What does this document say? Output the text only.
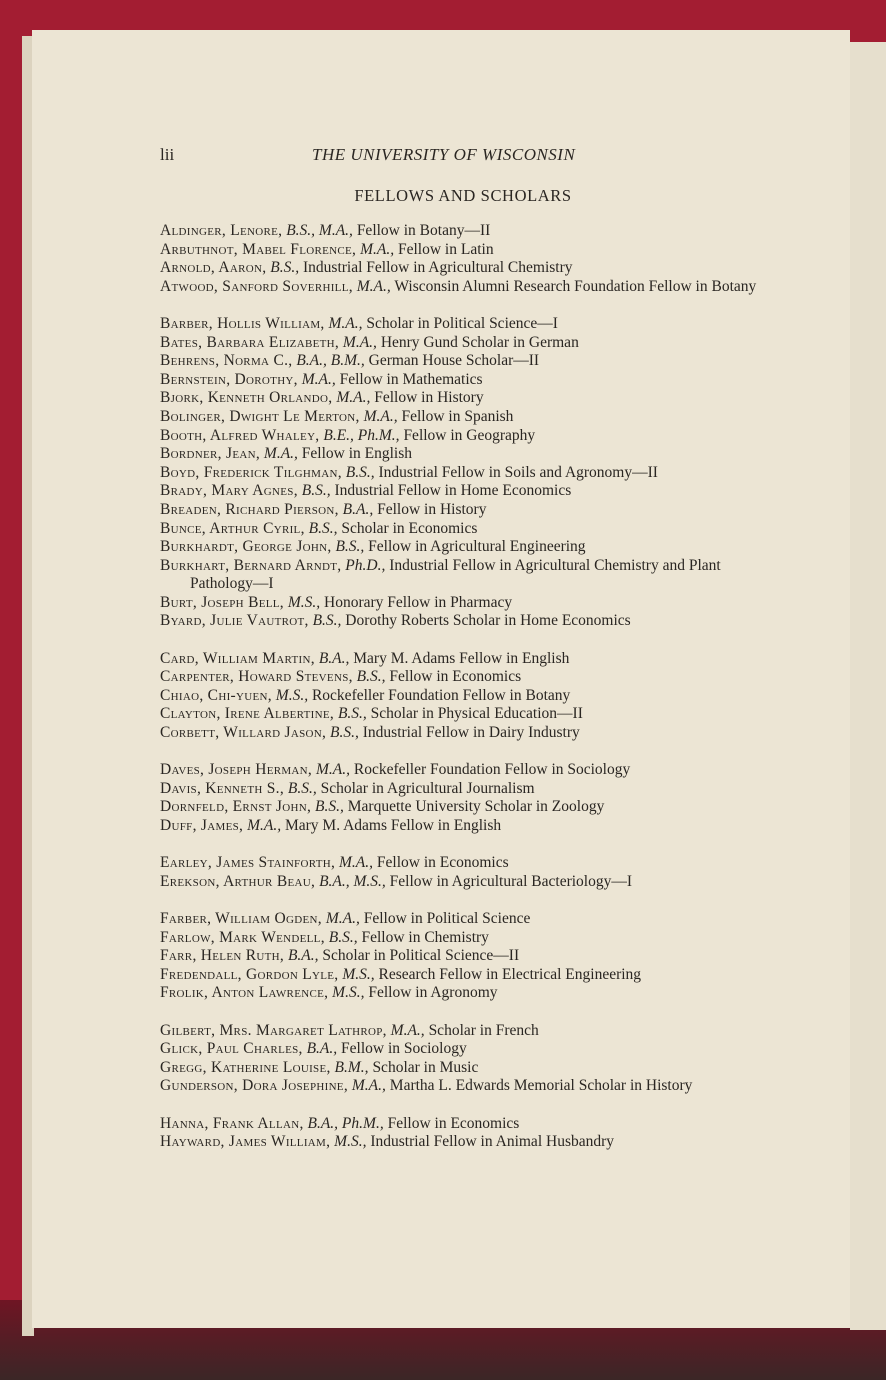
lii	THE UNIVERSITY OF WISCONSIN
FELLOWS AND SCHOLARS
Aldinger, Lenore, B.S., M.A., Fellow in Botany—II
Arbuthnot, Mabel Florence, M.A., Fellow in Latin
Arnold, Aaron, B.S., Industrial Fellow in Agricultural Chemistry
Atwood, Sanford Soverhill, M.A., Wisconsin Alumni Research Foundation Fellow in Botany
Barber, Hollis William, M.A., Scholar in Political Science—I
Bates, Barbara Elizabeth, M.A., Henry Gund Scholar in German
Behrens, Norma C., B.A., B.M., German House Scholar—II
Bernstein, Dorothy, M.A., Fellow in Mathematics
Bjork, Kenneth Orlando, M.A., Fellow in History
Bolinger, Dwight Le Merton, M.A., Fellow in Spanish
Booth, Alfred Whaley, B.E., Ph.M., Fellow in Geography
Bordner, Jean, M.A., Fellow in English
Boyd, Frederick Tilghman, B.S., Industrial Fellow in Soils and Agronomy—II
Brady, Mary Agnes, B.S., Industrial Fellow in Home Economics
Breaden, Richard Pierson, B.A., Fellow in History
Bunce, Arthur Cyril, B.S., Scholar in Economics
Burkhardt, George John, B.S., Fellow in Agricultural Engineering
Burkhart, Bernard Arndt, Ph.D., Industrial Fellow in Agricultural Chemistry and Plant Pathology—I
Burt, Joseph Bell, M.S., Honorary Fellow in Pharmacy
Byard, Julie Vautrot, B.S., Dorothy Roberts Scholar in Home Economics
Card, William Martin, B.A., Mary M. Adams Fellow in English
Carpenter, Howard Stevens, B.S., Fellow in Economics
Chiao, Chi-yuen, M.S., Rockefeller Foundation Fellow in Botany
Clayton, Irene Albertine, B.S., Scholar in Physical Education—II
Corbett, Willard Jason, B.S., Industrial Fellow in Dairy Industry
Daves, Joseph Herman, M.A., Rockefeller Foundation Fellow in Sociology
Davis, Kenneth S., B.S., Scholar in Agricultural Journalism
Dornfeld, Ernst John, B.S., Marquette University Scholar in Zoology
Duff, James, M.A., Mary M. Adams Fellow in English
Earley, James Stainforth, M.A., Fellow in Economics
Erekson, Arthur Beau, B.A., M.S., Fellow in Agricultural Bacteriology—I
Farber, William Ogden, M.A., Fellow in Political Science
Farlow, Mark Wendell, B.S., Fellow in Chemistry
Farr, Helen Ruth, B.A., Scholar in Political Science—II
Fredendall, Gordon Lyle, M.S., Research Fellow in Electrical Engineering
Frolik, Anton Lawrence, M.S., Fellow in Agronomy
Gilbert, Mrs. Margaret Lathrop, M.A., Scholar in French
Glick, Paul Charles, B.A., Fellow in Sociology
Gregg, Katherine Louise, B.M., Scholar in Music
Gunderson, Dora Josephine, M.A., Martha L. Edwards Memorial Scholar in History
Hanna, Frank Allan, B.A., Ph.M., Fellow in Economics
Hayward, James William, M.S., Industrial Fellow in Animal Husbandry
